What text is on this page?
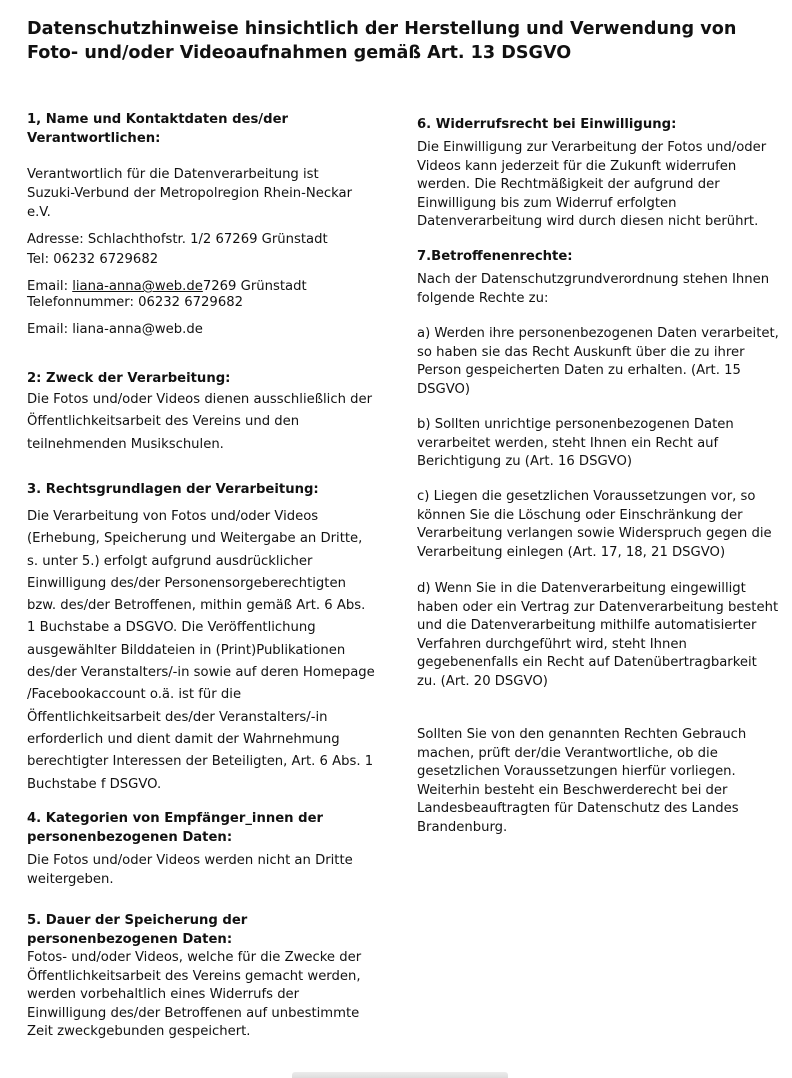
Datenschutzhinweise hinsichtlich der Herstellung und Verwendung von Foto- und/oder Videoaufnahmen gemäß Art. 13 DSGVO

1, Name und Kontaktdaten des/der Verantwortlichen:

Verantwortlich für die Datenverarbeitung ist

Suzuki-Verbund der Metropolregion Rhein-Neckar e.V.

Adresse: Schlachthofstr. 1/2 67269 Grünstadt

Tel: 06232 6729682

Email: liana-anna@web.de7269 Grünstadt

Telefonnummer: 06232 6729682

Email: liana-anna@web.de

2: Zweck der Verarbeitung:

Die Fotos und/oder Videos dienen ausschließlich der Öffentlichkeitsarbeit des Vereins und den teilnehmenden Musikschulen.

3. Rechtsgrundlagen der Verarbeitung:

Die Verarbeitung von Fotos und/oder Videos (Erhebung, Speicherung und Weitergabe an Dritte, s. unter 5.) erfolgt aufgrund ausdrücklicher Einwilligung des/der Personensorgeberechtigten bzw. des/der Betroffenen, mithin gemäß Art. 6 Abs. 1 Buchstabe a DSGVO. Die Veröffentlichung ausgewählter Bilddateien in (Print)Publikationen des/der Veranstalters/-in sowie auf deren Homepage /Facebookaccount o.ä. ist für die Öffentlichkeitsarbeit des/der Veranstalters/-in erforderlich und dient damit der Wahrnehmung berechtigter Interessen der Beteiligten, Art. 6 Abs. 1 Buchstabe f DSGVO.

4. Kategorien von Empfänger_innen der personenbezogenen Daten:

Die Fotos und/oder Videos werden nicht an Dritte weitergeben.

5. Dauer der Speicherung der personenbezogenen Daten:

Fotos- und/oder Videos, welche für die Zwecke der Öffentlichkeitsarbeit des Vereins gemacht werden, werden vorbehaltlich eines Widerrufs der Einwilligung des/der Betroffenen auf unbestimmte Zeit zweckgebunden gespeichert.

6. Widerrufsrecht bei Einwilligung:

Die Einwilligung zur Verarbeitung der Fotos und/oder Videos kann jederzeit für die Zukunft widerrufen werden. Die Rechtmäßigkeit der aufgrund der Einwilligung bis zum Widerruf erfolgten Datenverarbeitung wird durch diesen nicht berührt.

7.Betroffenenrechte:

Nach der Datenschutzgrundverordnung stehen Ihnen folgende Rechte zu:

a) Werden ihre personenbezogenen Daten verarbeitet, so haben sie das Recht Auskunft über die zu ihrer Person gespeicherten Daten zu erhalten. (Art. 15 DSGVO)

b) Sollten unrichtige personenbezogenen Daten verarbeitet werden, steht Ihnen ein Recht auf Berichtigung zu (Art. 16 DSGVO)

c) Liegen die gesetzlichen Voraussetzungen vor, so können Sie die Löschung oder Einschränkung der Verarbeitung verlangen sowie Widerspruch gegen die Verarbeitung einlegen (Art. 17, 18, 21 DSGVO)

d) Wenn Sie in die Datenverarbeitung eingewilligt haben oder ein Vertrag zur Datenverarbeitung besteht und die Datenverarbeitung mithilfe automatisierter Verfahren durchgeführt wird, steht Ihnen gegebenenfalls ein Recht auf Datenübertragbarkeit zu. (Art. 20 DSGVO)

Sollten Sie von den genannten Rechten Gebrauch machen, prüft der/die Verantwortliche, ob die gesetzlichen Voraussetzungen hierfür vorliegen. Weiterhin besteht ein Beschwerderecht bei der Landesbeauftragten für Datenschutz des Landes Brandenburg.
